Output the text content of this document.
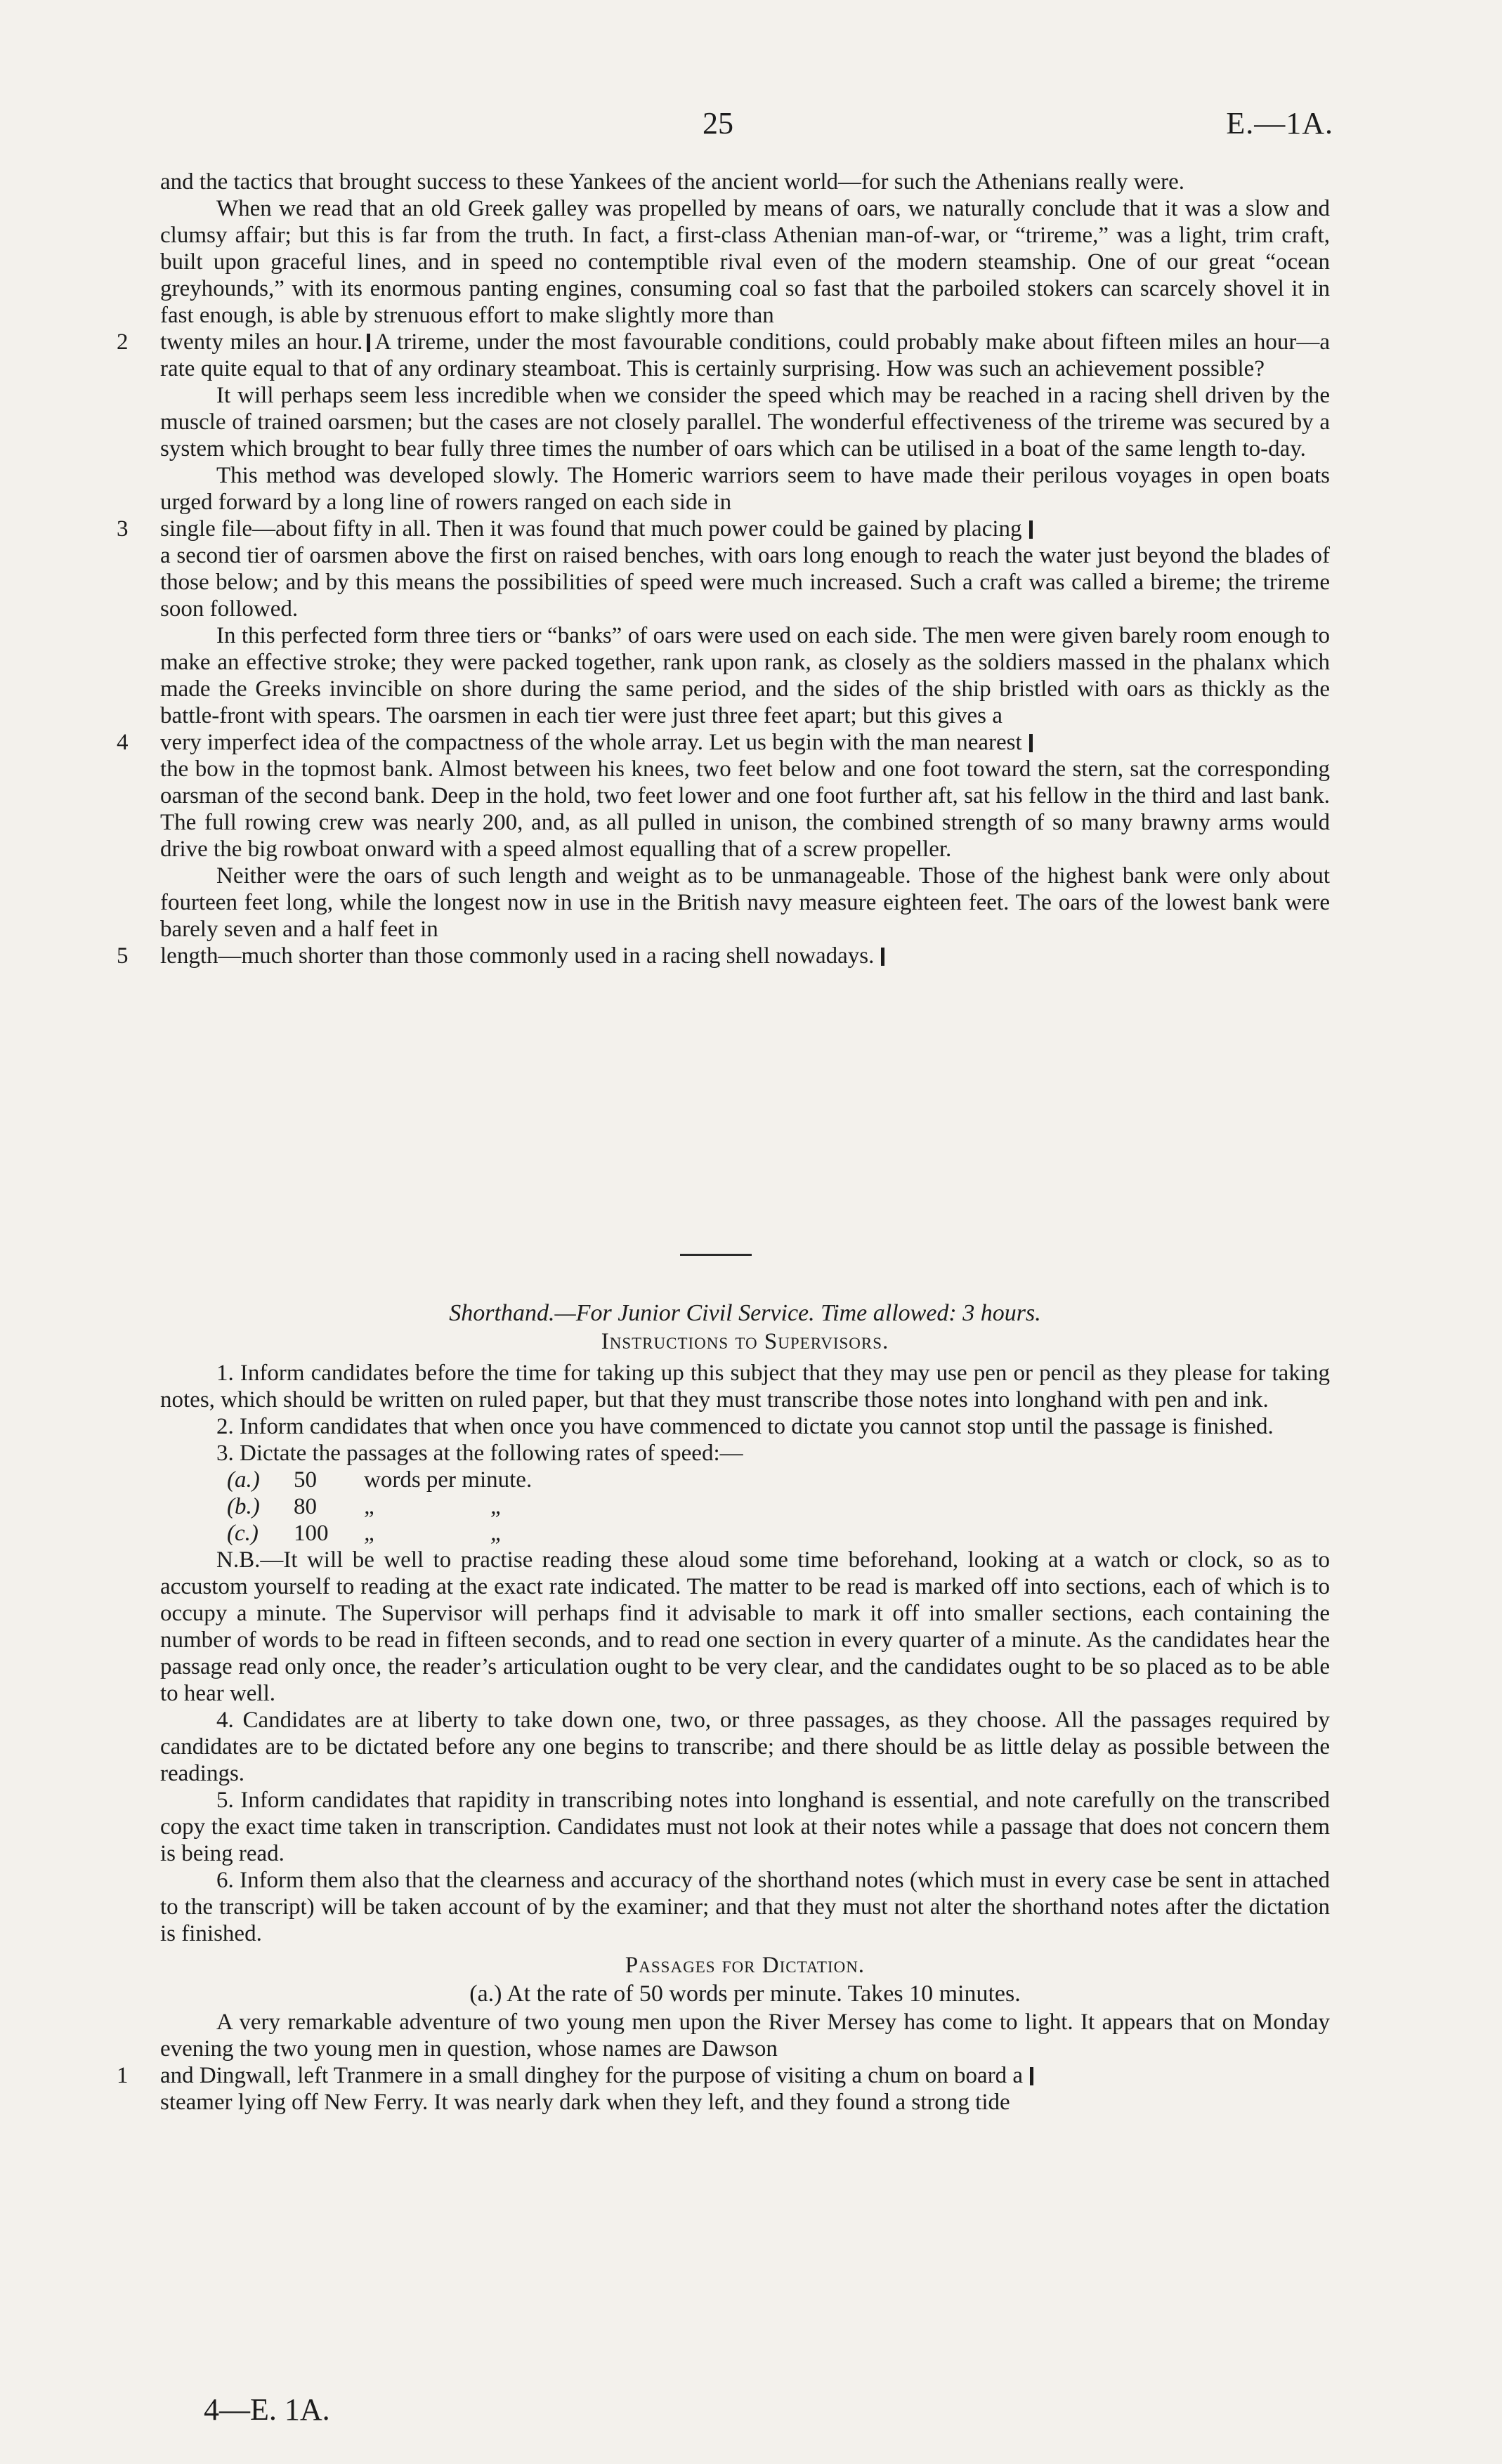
25	E.—1A.

and the tactics that brought success to these Yankees of the ancient world—for such the Athenians really were.

When we read that an old Greek galley was propelled by means of oars, we naturally conclude that it was a slow and clumsy affair; but this is far from the truth. In fact, a first-class Athenian man-of-war, or “trireme,” was a light, trim craft, built upon graceful lines, and in speed no contemptible rival even of the modern steamship. One of our great “ocean greyhounds,” with its enormous panting engines, consuming coal so fast that the parboiled stokers can scarcely shovel it in fast enough, is able by strenuous effort to make slightly more than

2	twenty miles an hour. A trireme, under the most favourable conditions, could probably make about fifteen miles an hour—a rate quite equal to that of any ordinary steamboat. This is certainly surprising. How was such an achievement possible?

It will perhaps seem less incredible when we consider the speed which may be reached in a racing shell driven by the muscle of trained oarsmen; but the cases are not closely parallel. The wonderful effectiveness of the trireme was secured by a system which brought to bear fully three times the number of oars which can be utilised in a boat of the same length to-day.

This method was developed slowly. The Homeric warriors seem to have made their perilous voyages in open boats urged forward by a long line of rowers ranged on each side in

3	single file—about fifty in all. Then it was found that much power could be gained by placing

a second tier of oarsmen above the first on raised benches, with oars long enough to reach the water just beyond the blades of those below; and by this means the possibilities of speed were much increased. Such a craft was called a bireme; the trireme soon followed.

In this perfected form three tiers or “banks” of oars were used on each side. The men were given barely room enough to make an effective stroke; they were packed together, rank upon rank, as closely as the soldiers massed in the phalanx which made the Greeks invincible on shore during the same period, and the sides of the ship bristled with oars as thickly as the battle-front with spears. The oarsmen in each tier were just three feet apart; but this gives a

4	very imperfect idea of the compactness of the whole array. Let us begin with the man nearest

the bow in the topmost bank. Almost between his knees, two feet below and one foot toward the stern, sat the corresponding oarsman of the second bank. Deep in the hold, two feet lower and one foot further aft, sat his fellow in the third and last bank. The full rowing crew was nearly 200, and, as all pulled in unison, the combined strength of so many brawny arms would drive the big rowboat onward with a speed almost equalling that of a screw propeller.

Neither were the oars of such length and weight as to be unmanageable. Those of the highest bank were only about fourteen feet long, while the longest now in use in the British navy measure eighteen feet. The oars of the lowest bank were barely seven and a half feet in

5	length—much shorter than those commonly used in a racing shell nowadays.

Shorthand.—For Junior Civil Service. Time allowed: 3 hours.

Instructions to Supervisors.

1. Inform candidates before the time for taking up this subject that they may use pen or pencil as they please for taking notes, which should be written on ruled paper, but that they must transcribe those notes into longhand with pen and ink.

2. Inform candidates that when once you have commenced to dictate you cannot stop until the passage is finished.

3. Dictate the passages at the following rates of speed:—

(a.) 50 words per minute.
(b.) 80 „	„
(c.) 100 „	„

N.B.—It will be well to practise reading these aloud some time beforehand, looking at a watch or clock, so as to accustom yourself to reading at the exact rate indicated. The matter to be read is marked off into sections, each of which is to occupy a minute. The Supervisor will perhaps find it advisable to mark it off into smaller sections, each containing the number of words to be read in fifteen seconds, and to read one section in every quarter of a minute. As the candidates hear the passage read only once, the reader’s articulation ought to be very clear, and the candidates ought to be so placed as to be able to hear well.

4. Candidates are at liberty to take down one, two, or three passages, as they choose. All the passages required by candidates are to be dictated before any one begins to transcribe; and there should be as little delay as possible between the readings.

5. Inform candidates that rapidity in transcribing notes into longhand is essential, and note carefully on the transcribed copy the exact time taken in transcription. Candidates must not look at their notes while a passage that does not concern them is being read.

6. Inform them also that the clearness and accuracy of the shorthand notes (which must in every case be sent in attached to the transcript) will be taken account of by the examiner; and that they must not alter the shorthand notes after the dictation is finished.

Passages for Dictation.

(a.) At the rate of 50 words per minute. Takes 10 minutes.

A very remarkable adventure of two young men upon the River Mersey has come to light. It appears that on Monday evening the two young men in question, whose names are Dawson

1	and Dingwall, left Tranmere in a small dinghey for the purpose of visiting a chum on board a

steamer lying off New Ferry. It was nearly dark when they left, and they found a strong tide

4—E. 1A.
